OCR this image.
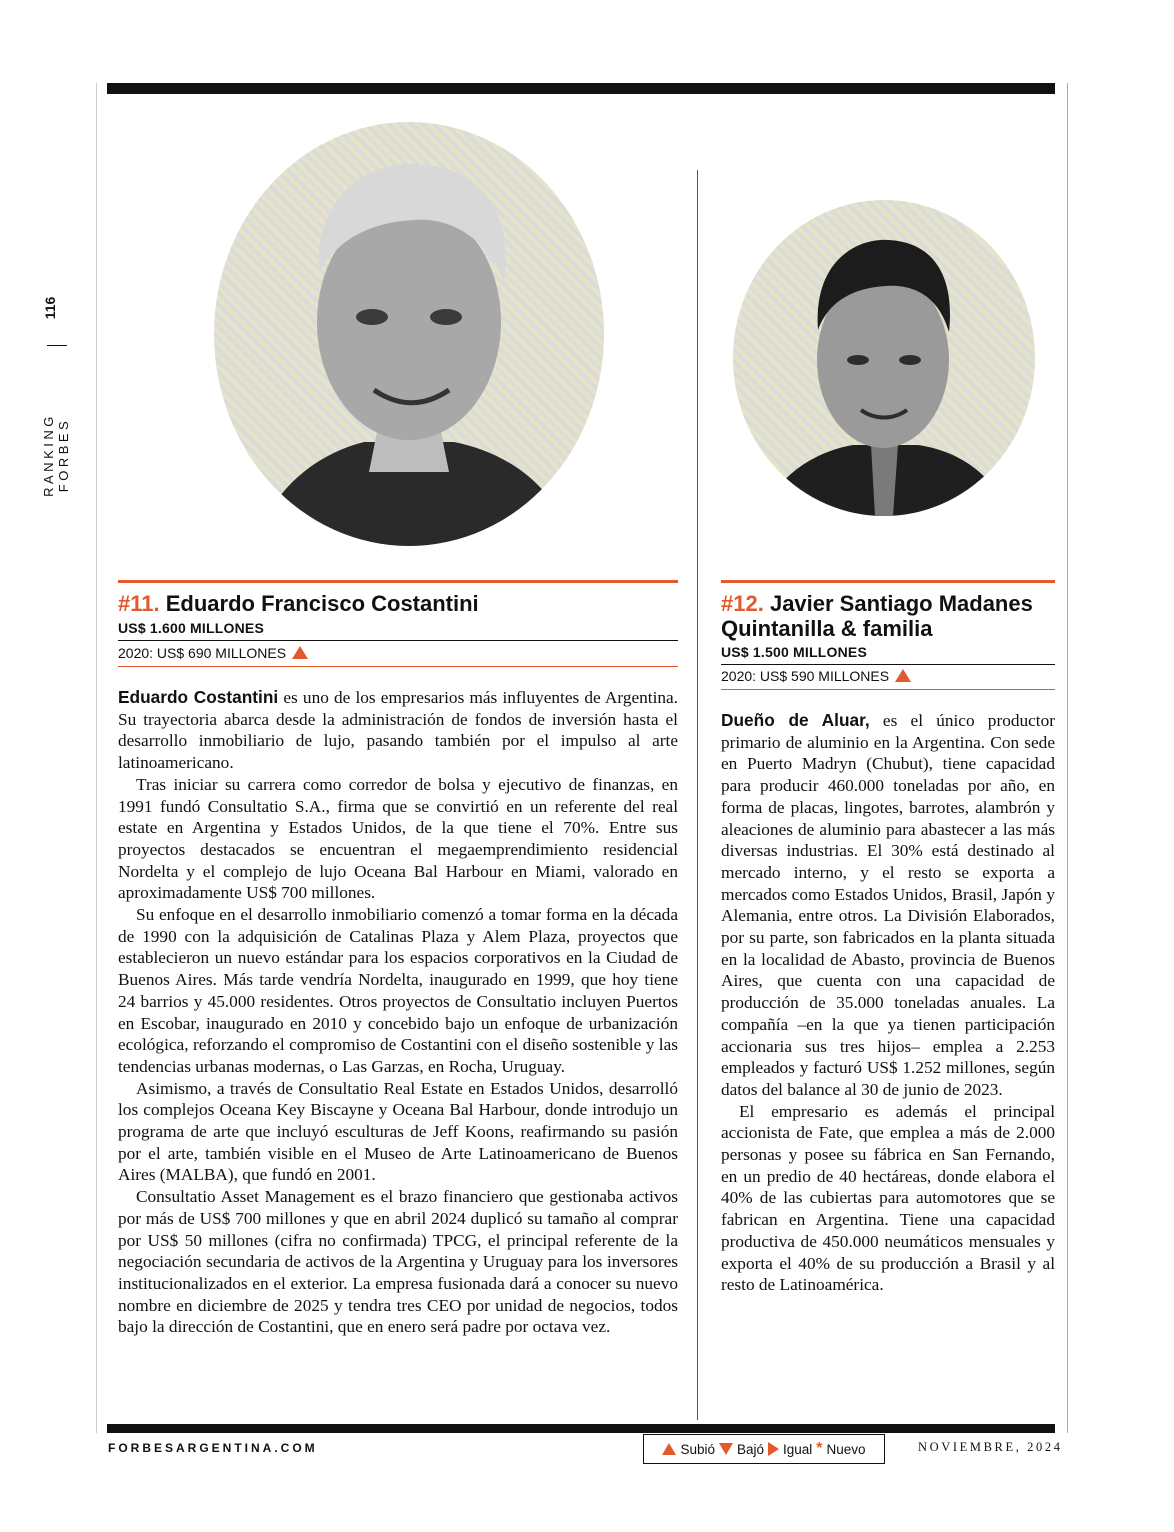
116
RANKING FORBES
#11. Eduardo Francisco Costantini
US$ 1.600 MILLONES
2020: US$ 690 MILLONES

Eduardo Costantini es uno de los empresarios más influyentes de Argentina. Su trayectoria abarca desde la administración de fondos de inversión hasta el desarrollo inmobiliario de lujo, pasando también por el impulso al arte latinoamericano.

Tras iniciar su carrera como corredor de bolsa y ejecutivo de finanzas, en 1991 fundó Consultatio S.A., firma que se convirtió en un referente del real estate en Argentina y Estados Unidos, de la que tiene el 70%. Entre sus proyectos destacados se encuentran el megaemprendimiento residencial Nordelta y el complejo de lujo Oceana Bal Harbour en Miami, valorado en aproximadamente US$ 700 millones.

Su enfoque en el desarrollo inmobiliario comenzó a tomar forma en la década de 1990 con la adquisición de Catalinas Plaza y Alem Plaza, proyectos que establecieron un nuevo estándar para los espacios corporativos en la Ciudad de Buenos Aires. Más tarde vendría Nordelta, inaugurado en 1999, que hoy tiene 24 barrios y 45.000 residentes. Otros proyectos de Consultatio incluyen Puertos en Escobar, inaugurado en 2010 y concebido bajo un enfoque de urbanización ecológica, reforzando el compromiso de Costantini con el diseño sostenible y las tendencias urbanas modernas, o Las Garzas, en Rocha, Uruguay.

Asimismo, a través de Consultatio Real Estate en Estados Unidos, desarrolló los complejos Oceana Key Biscayne y Oceana Bal Harbour, donde introdujo un programa de arte que incluyó esculturas de Jeff Koons, reafirmando su pasión por el arte, también visible en el Museo de Arte Latinoamericano de Buenos Aires (MALBA), que fundó en 2001.

Consultatio Asset Management es el brazo financiero que gestionaba activos por más de US$ 700 millones y que en abril 2024 duplicó su tamaño al comprar por US$ 50 millones (cifra no confirmada) TPCG, el principal referente de la negociación secundaria de activos de la Argentina y Uruguay para los inversores institucionalizados en el exterior. La empresa fusionada dará a conocer su nuevo nombre en diciembre de 2025 y tendra tres CEO por unidad de negocios, todos bajo la dirección de Costantini, que en enero será padre por octava vez.

#12. Javier Santiago Madanes Quintanilla & familia
US$ 1.500 MILLONES
2020: US$ 590 MILLONES

Dueño de Aluar, es el único productor primario de aluminio en la Argentina. Con sede en Puerto Madryn (Chubut), tiene capacidad para producir 460.000 toneladas por año, en forma de placas, lingotes, barrotes, alambrón y aleaciones de aluminio para abastecer a las más diversas industrias. El 30% está destinado al mercado interno, y el resto se exporta a mercados como Estados Unidos, Brasil, Japón y Alemania, entre otros. La División Elaborados, por su parte, son fabricados en la planta situada en la localidad de Abasto, provincia de Buenos Aires, que cuenta con una capacidad de producción de 35.000 toneladas anuales. La compañía –en la que ya tienen participación accionaria sus tres hijos– emplea a 2.253 empleados y facturó US$ 1.252 millones, según datos del balance al 30 de junio de 2023.

El empresario es además el principal accionista de Fate, que emplea a más de 2.000 personas y posee su fábrica en San Fernando, en un predio de 40 hectáreas, donde elabora el 40% de las cubiertas para automotores que se fabrican en Argentina. Tiene una capacidad productiva de 450.000 neumáticos mensuales y exporta el 40% de su producción a Brasil y al resto de Latinoamérica.

FORBESARGENTINA.COM	Subió Bajó Igual * Nuevo	NOVIEMBRE, 2024
